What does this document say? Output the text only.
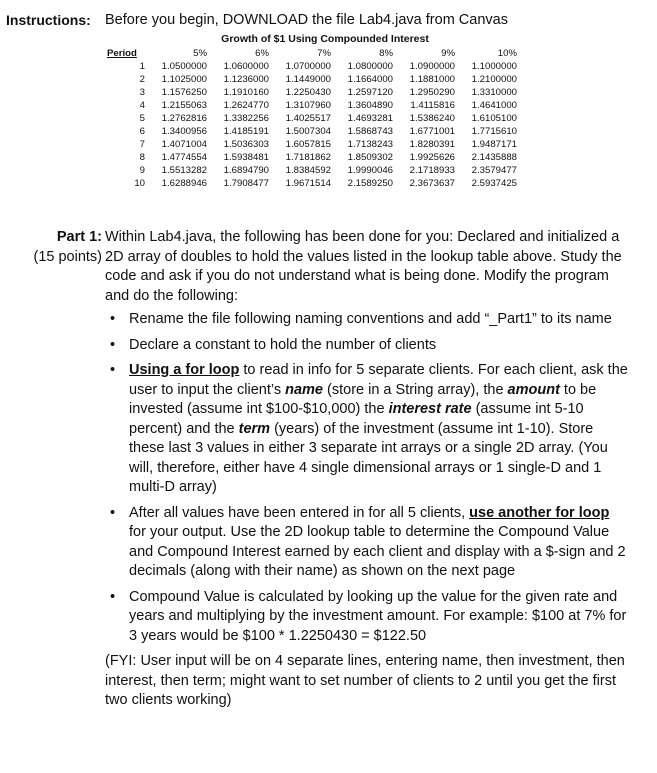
Instructions: Before you begin, DOWNLOAD the file Lab4.java from Canvas
Growth of $1 Using Compounded Interest
Period	5%	6%	7%	8%	9%	10%
1	1.0500000	1.0600000	1.0700000	1.0800000	1.0900000	1.1000000
2	1.1025000	1.1236000	1.1449000	1.1664000	1.1881000	1.2100000
3	1.1576250	1.1910160	1.2250430	1.2597120	1.2950290	1.3310000
4	1.2155063	1.2624770	1.3107960	1.3604890	1.4115816	1.4641000
5	1.2762816	1.3382256	1.4025517	1.4693281	1.5386240	1.6105100
6	1.3400956	1.4185191	1.5007304	1.5868743	1.6771001	1.7715610
7	1.4071004	1.5036303	1.6057815	1.7138243	1.8280391	1.9487171
8	1.4774554	1.5938481	1.7181862	1.8509302	1.9925626	2.1435888
9	1.5513282	1.6894790	1.8384592	1.9990046	2.1718933	2.3579477
10	1.6288946	1.7908477	1.9671514	2.1589250	2.3673637	2.5937425
Part 1:
(15 points)

Within Lab4.java, the following has been done for you: Declared and initialized a 2D array of doubles to hold the values listed in the lookup table above. Study the code and ask if you do not understand what is being done. Modify the program and do the following:

• Rename the file following naming conventions and add “_Part1” to its name
• Declare a constant to hold the number of clients
• Using a for loop to read in info for 5 separate clients. For each client, ask the user to input the client’s name (store in a String array), the amount to be invested (assume int $100-$10,000) the interest rate (assume int 5-10 percent) and the term (years) of the investment (assume int 1-10). Store these last 3 values in either 3 separate int arrays or a single 2D array. (You will, therefore, either have 4 single dimensional arrays or 1 single-D and 1 multi-D array)
• After all values have been entered in for all 5 clients, use another for loop for your output. Use the 2D lookup table to determine the Compound Value and Compound Interest earned by each client and display with a $-sign and 2 decimals (along with their name) as shown on the next page
• Compound Value is calculated by looking up the value for the given rate and years and multiplying by the investment amount. For example: $100 at 7% for 3 years would be $100 * 1.2250430 = $122.50

(FYI: User input will be on 4 separate lines, entering name, then investment, then interest, then term; might want to set number of clients to 2 until you get the first two clients working)
